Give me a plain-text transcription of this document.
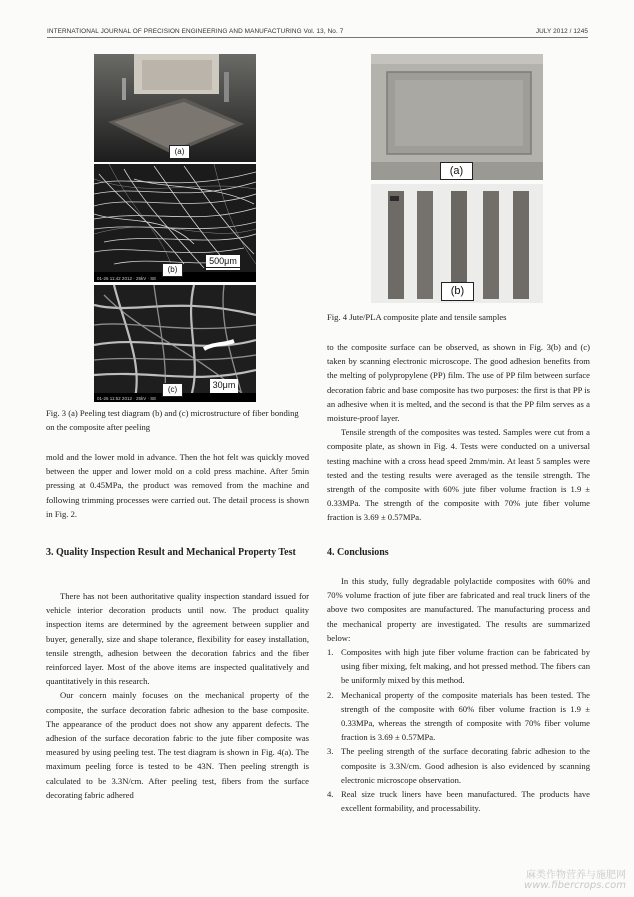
INTERNATIONAL JOURNAL OF PRECISION ENGINEERING AND MANUFACTURING Vol. 13, No. 7	JULY 2012 / 1245
(a)
01-26 11:42 2012 · 25kV · SE
(b)
500μm
01-26 11:52 2012 · 25kV · SE
(c)	30μm
Fig. 3 (a) Peeling test diagram (b) and (c) microstructure of fiber bonding on the composite after peeling
(a)
(b)
Fig. 4 Jute/PLA composite plate and tensile samples

mold and the lower mold in advance. Then the hot felt was quickly moved between the upper and lower mold on a cold press machine. After 5min pressing at 0.45MPa, the product was removed from the machine and following trimming processes were carried out. The detail process is shown in Fig. 2.

3. Quality Inspection Result and Mechanical Property Test

There has not been authoritative quality inspection standard issued for vehicle interior decoration products until now. The product quality inspection items are determined by the agreement between supplier and buyer, generally, size and shape tolerance, flexibility for easey installation, tensile strength, adhesion between the decoration fabrics and the fiber reinforced layer. Most of the above items are inspected qualitatively and quantitatively in this research.

Our concern mainly focuses on the mechanical property of the composite, the surface decoration fabric adhesion to the base composite. The appearance of the product does not show any apparent defects. The adhesion of the surface decoration fabric to the jute fiber composite was measured by using peeling test. The test diagram is shown in Fig. 4(a). The maximum peeling force is tested to be 43N. Then peeling strength is calculated to be 3.3N/cm. After peeling test, fibers from the surface decorating fabric adhered

to the composite surface can be observed, as shown in Fig. 3(b) and (c) taken by scanning electronic microscope. The good adhesion benefits from the melting of polypropylene (PP) film. The use of PP film between surface decoration fabric and base composite has two purposes: the first is that PP is an adhesive when it is melted, and the second is that the PP film serves as a moisture-proof layer.

Tensile strength of the composites was tested. Samples were cut from a composite plate, as shown in Fig. 4. Tests were conducted on a universal testing machine with a cross head speed 2mm/min. At least 5 samples were tested and the testing results were averaged as the tensile strength. The strength of the composite with 60% jute fiber volume fraction is 1.9 ± 0.33MPa. The strength of the composite with 70% jute fiber volume fraction is 3.69 ± 0.57MPa.

4. Conclusions

In this study, fully degradable polylactide composites with 60% and 70% volume fraction of jute fiber are fabricated and real truck liners of the above two composites are manufactured. The manufacturing process and the mechanical property are investigated. The results are summarized below:

1. Composites with high jute fiber volume fraction can be fabricated by using fiber mixing, felt making, and hot pressed method. The fibers can be uniformly mixed by this method.
2. Mechanical property of the composite materials has been tested. The strength of the composite with 60% fiber volume fraction is 1.9 ± 0.33MPa, whereas the strength of composite with 70% fiber volume fraction is 3.69 ± 0.57MPa.
3. The peeling strength of the surface decorating fabric adhesion to the composite is 3.3N/cm. Good adhesion is also evidenced by scanning electronic microscope observation.
4. Real size truck liners have been manufactured. The products have excellent formability, and processability.
麻类作物营养与施肥网
www.fibercrops.com
